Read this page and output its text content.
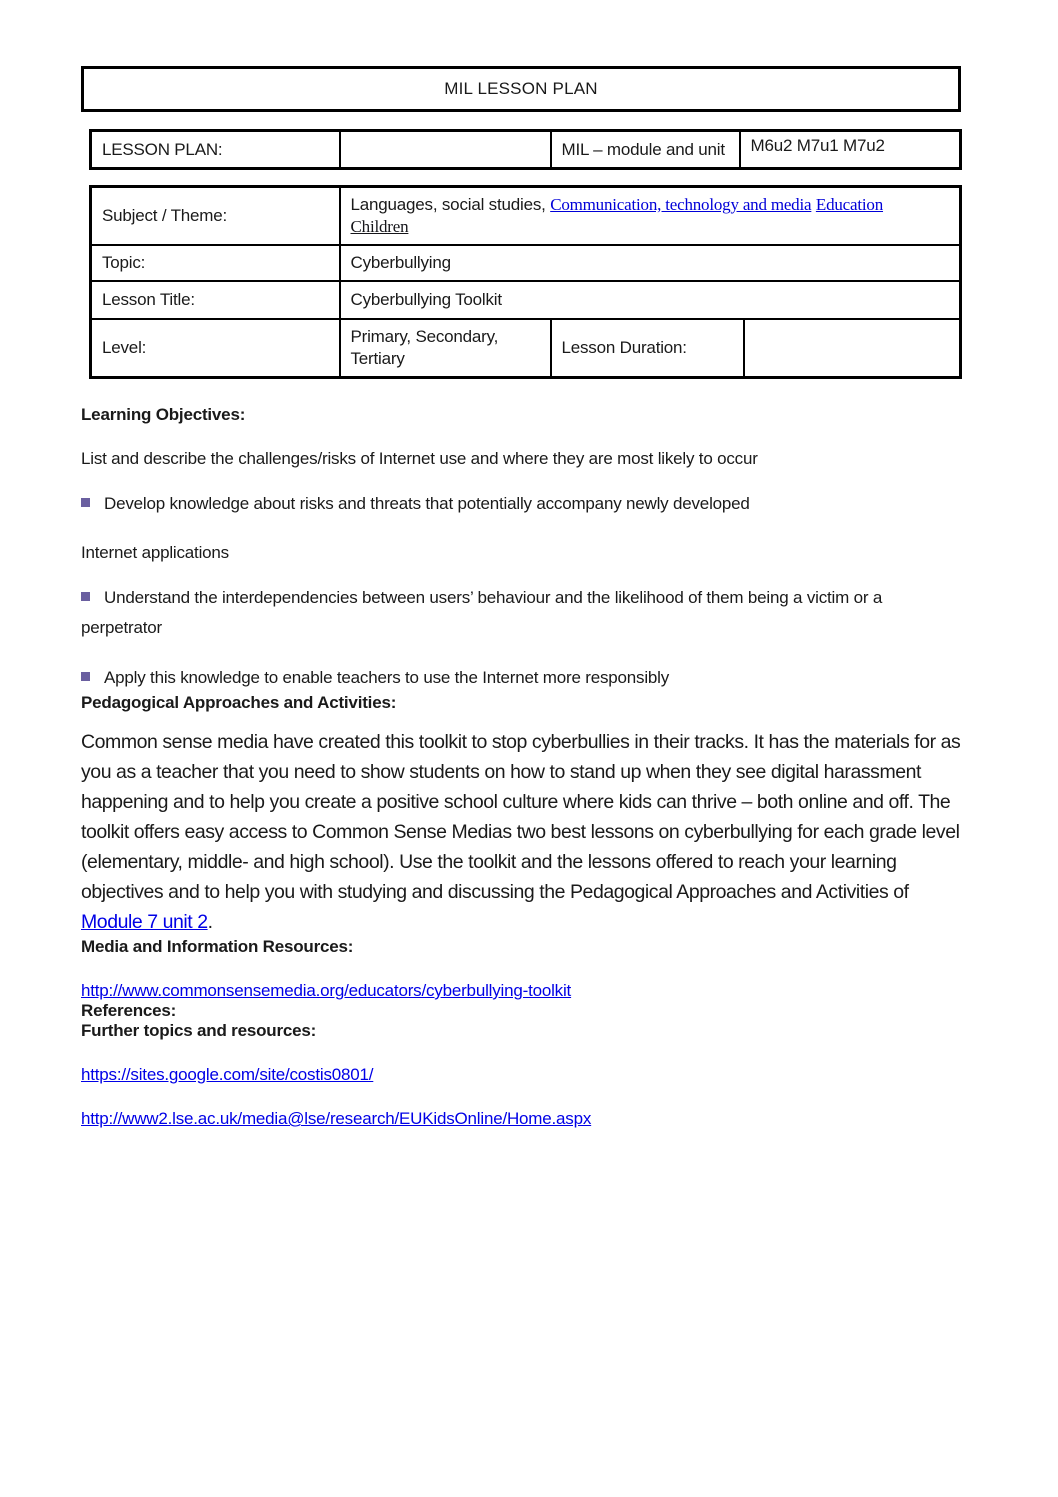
MIL LESSON PLAN
LESSON PLAN:		MIL – module and unit	M6u2 M7u1 M7u2
Subject / Theme:	Languages, social studies, Communication, technology and media Education
Children		
Topic:	Cyberbullying		
Lesson Title:	Cyberbullying Toolkit		
Level:	Primary, Secondary, Tertiary	Lesson Duration:	
Learning Objectives:

List and describe the challenges/risks of Internet use and where they are most likely to occur

Develop knowledge about risks and threats that potentially accompany newly developed

Internet applications

Understand the interdependencies between users’ behaviour and the likelihood of them being a victim or a perpetrator

Apply this knowledge to enable teachers to use the Internet more responsibly

Pedagogical Approaches and Activities:

Common sense media have created this toolkit to stop cyberbullies in their tracks. It has the materials for as you as a teacher that you need to show students on how to stand up when they see digital harassment happening and to help you create a positive school culture where kids can thrive – both online and off. The toolkit offers easy access to Common Sense Medias two best lessons on cyberbullying for each grade level (elementary, middle- and high school). Use the toolkit and the lessons offered to reach your learning objectives and to help you with studying and discussing the Pedagogical Approaches and Activities of Module 7 unit 2.

Media and Information Resources:

http://www.commonsensemedia.org/educators/cyberbullying-toolkit

References:
Further topics and resources:

https://sites.google.com/site/costis0801/

http://www2.lse.ac.uk/media@lse/research/EUKidsOnline/Home.aspx
